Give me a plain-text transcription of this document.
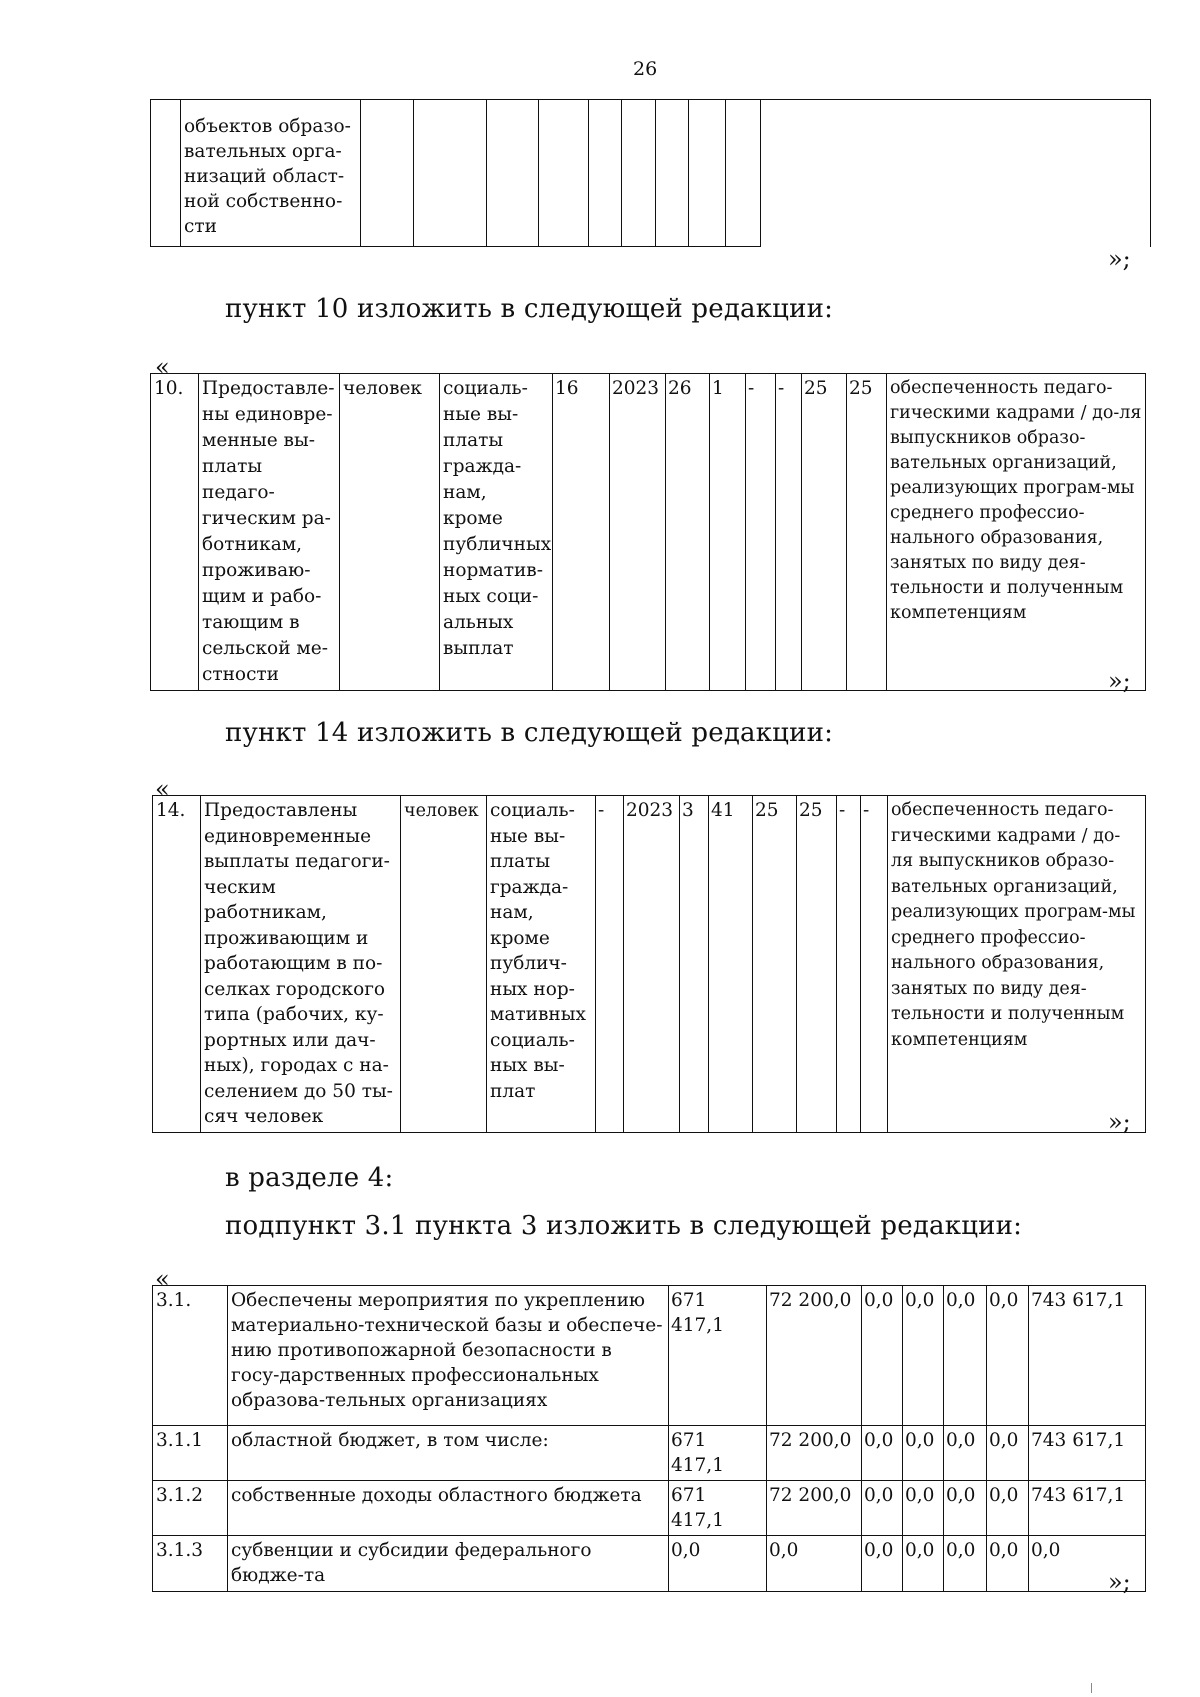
26
	объектов образо-вательных орга-низаций област-ной собственно-сти										
»;
пункт 10 изложить в следующей редакции:
«
10.	Предоставле-ны единовре-менные вы-платы педаго-гическим ра-ботникам, проживаю-щим и рабо-тающим в сельской ме-стности	человек	социаль-ные вы-платы гражда-нам, кроме публичных норматив-ных соци-альных выплат	16	2023	26	1	-	-	25	25	обеспеченность педаго-гическими кадрами / до-ля выпускников образо-вательных организаций, реализующих програм-мы среднего профессио-нального образования, занятых по виду дея-тельности и полученным компетенциям
»;
пункт 14 изложить в следующей редакции:
«
14.	Предоставлены единовременные выплаты педагоги-ческим работникам, проживающим и работающим в по-селках городского типа (рабочих, ку-рортных или дач-ных), городах с на-селением до 50 ты-сяч человек	человек	социаль-ные вы-платы гражда-нам, кроме публич-ных нор-мативных социаль-ных вы-плат	-	2023	3	41	25	25	-	-	обеспеченность педаго-гическими кадрами / до-ля выпускников образо-вательных организаций, реализующих програм-мы среднего профессио-нального образования, занятых по виду дея-тельности и полученным компетенциям
»;
в разделе 4:
подпункт 3.1 пункта 3 изложить в следующей редакции:
«
3.1.	Обеспечены мероприятия по укреплению материально-технической базы и обеспече-нию противопожарной безопасности в госу-дарственных профессиональных образова-тельных организациях	671 417,1	72 200,0	0,0	0,0	0,0	0,0	743 617,1
3.1.1	областной бюджет, в том числе:	671 417,1	72 200,0	0,0	0,0	0,0	0,0	743 617,1
3.1.2	собственные доходы областного бюджета	671 417,1	72 200,0	0,0	0,0	0,0	0,0	743 617,1
3.1.3	субвенции и субсидии федерального бюдже-та	0,0	0,0	0,0	0,0	0,0	0,0	0,0
»;
